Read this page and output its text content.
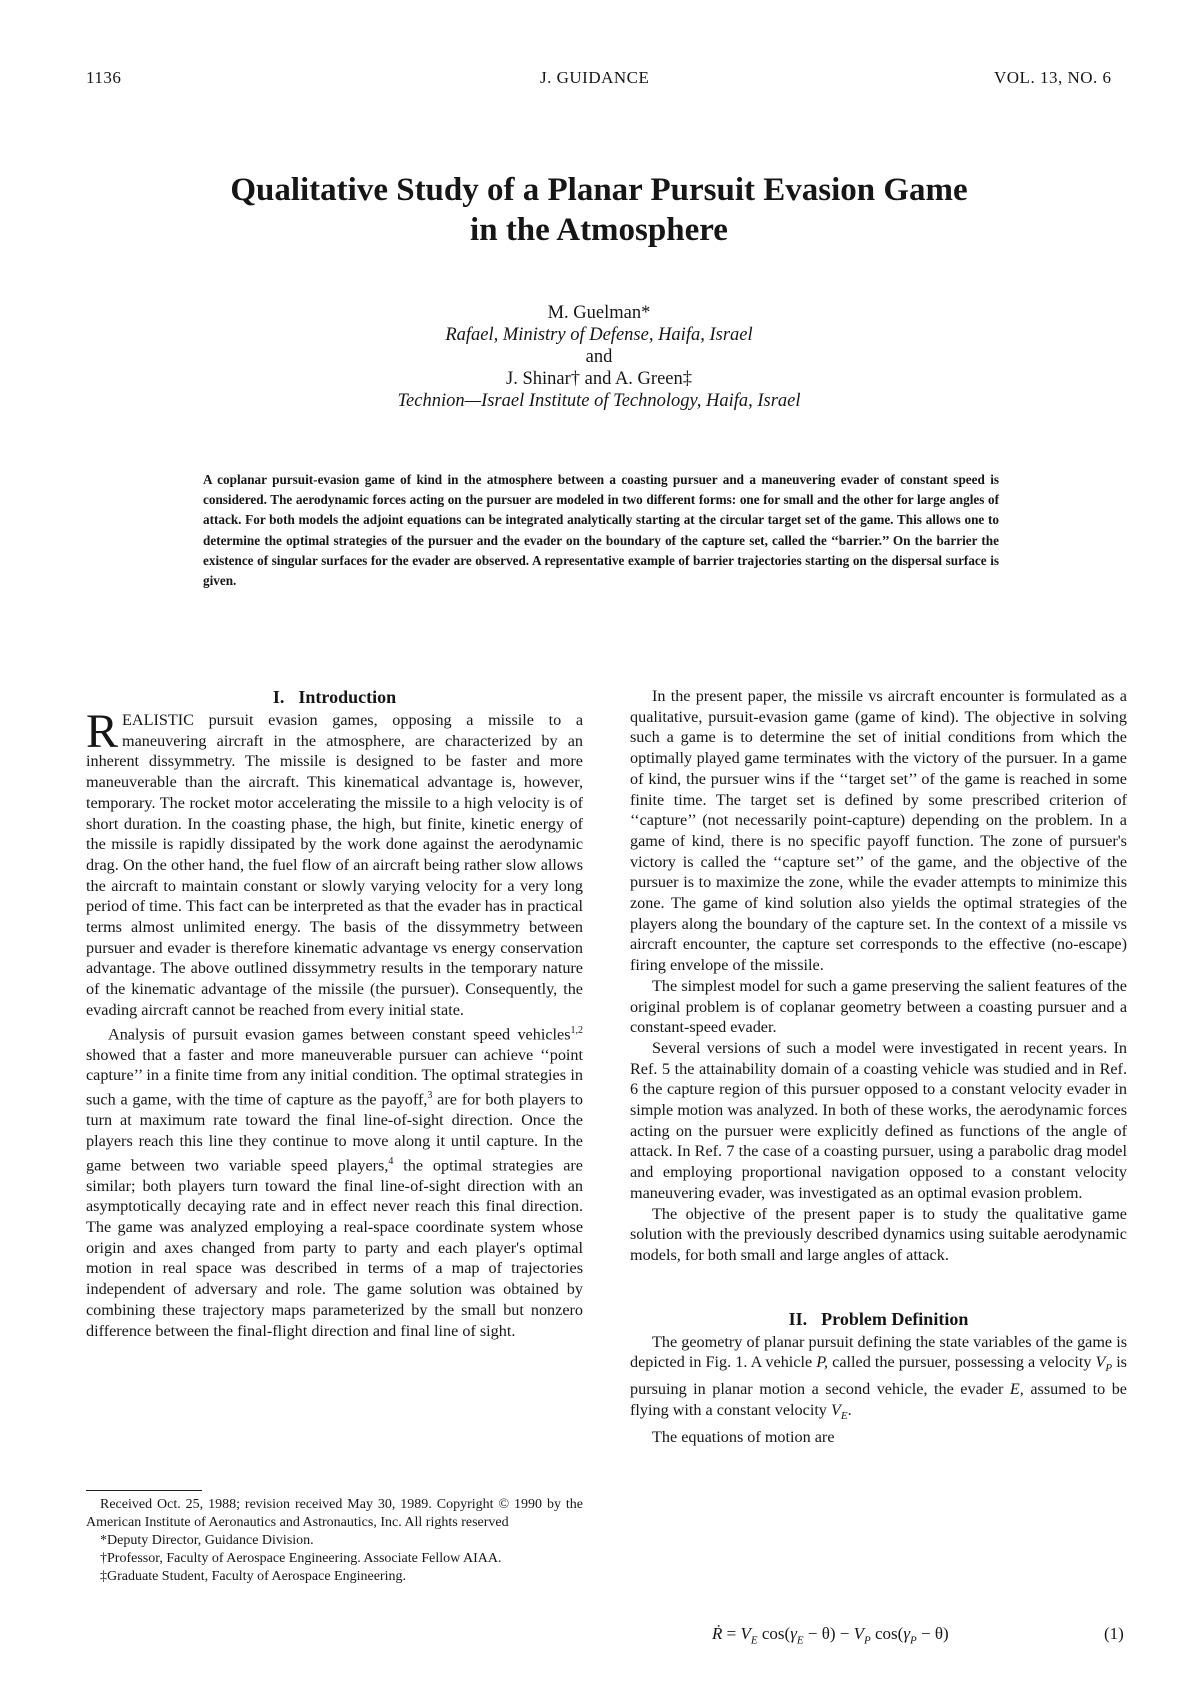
1136	J. GUIDANCE	VOL. 13, NO. 6
Qualitative Study of a Planar Pursuit Evasion Game
in the Atmosphere
M. Guelman*
Rafael, Ministry of Defense, Haifa, Israel
and
J. Shinar† and A. Green‡
Technion—Israel Institute of Technology, Haifa, Israel
A coplanar pursuit-evasion game of kind in the atmosphere between a coasting pursuer and a maneuvering evader of constant speed is considered. The aerodynamic forces acting on the pursuer are modeled in two different forms: one for small and the other for large angles of attack. For both models the adjoint equations can be integrated analytically starting at the circular target set of the game. This allows one to determine the optimal strategies of the pursuer and the evader on the boundary of the capture set, called the ‘‘barrier.’’ On the barrier the existence of singular surfaces for the evader are observed. A representative example of barrier trajectories starting on the dispersal surface is given.
I. Introduction

REALISTIC pursuit evasion games, opposing a missile to a maneuvering aircraft in the atmosphere, are characterized by an inherent dissymmetry. The missile is designed to be faster and more maneuverable than the aircraft. This kinematical advantage is, however, temporary. The rocket motor accelerating the missile to a high velocity is of short duration. In the coasting phase, the high, but finite, kinetic energy of the missile is rapidly dissipated by the work done against the aerodynamic drag. On the other hand, the fuel flow of an aircraft being rather slow allows the aircraft to maintain constant or slowly varying velocity for a very long period of time. This fact can be interpreted as that the evader has in practical terms almost unlimited energy. The basis of the dissymmetry between pursuer and evader is therefore kinematic advantage vs energy conservation advantage. The above outlined dissymmetry results in the temporary nature of the kinematic advantage of the missile (the pursuer). Consequently, the evading aircraft cannot be reached from every initial state.

Analysis of pursuit evasion games between constant speed vehicles$^{1,2}$ showed that a faster and more maneuverable pursuer can achieve ‘‘point capture’’ in a finite time from any initial condition. The optimal strategies in such a game, with the time of capture as the payoff,$^3$ are for both players to turn at maximum rate toward the final line-of-sight direction. Once the players reach this line they continue to move along it until capture. In the game between two variable speed players,$^4$ the optimal strategies are similar; both players turn toward the final line-of-sight direction with an asymptotically decaying rate and in effect never reach this final direction. The game was analyzed employing a real-space coordinate system whose origin and axes changed from party to party and each player's optimal motion in real space was described in terms of a map of trajectories independent of adversary and role. The game solution was obtained by combining these trajectory maps parameterized by the small but nonzero difference between the final-flight direction and final line of sight.

Received Oct. 25, 1988; revision received May 30, 1989. Copyright © 1990 by the American Institute of Aeronautics and Astronautics, Inc. All rights reserved

*Deputy Director, Guidance Division.

†Professor, Faculty of Aerospace Engineering. Associate Fellow AIAA.

‡Graduate Student, Faculty of Aerospace Engineering.

In the present paper, the missile vs aircraft encounter is formulated as a qualitative, pursuit-evasion game (game of kind). The objective in solving such a game is to determine the set of initial conditions from which the optimally played game terminates with the victory of the pursuer. In a game of kind, the pursuer wins if the ‘‘target set’’ of the game is reached in some finite time. The target set is defined by some prescribed criterion of ‘‘capture’’ (not necessarily point-capture) depending on the problem. In a game of kind, there is no specific payoff function. The zone of pursuer's victory is called the ‘‘capture set’’ of the game, and the objective of the pursuer is to maximize the zone, while the evader attempts to minimize this zone. The game of kind solution also yields the optimal strategies of the players along the boundary of the capture set. In the context of a missile vs aircraft encounter, the capture set corresponds to the effective (no-escape) firing envelope of the missile.

The simplest model for such a game preserving the salient features of the original problem is of coplanar geometry between a coasting pursuer and a constant-speed evader.

Several versions of such a model were investigated in recent years. In Ref. 5 the attainability domain of a coasting vehicle was studied and in Ref. 6 the capture region of this pursuer opposed to a constant velocity evader in simple motion was analyzed. In both of these works, the aerodynamic forces acting on the pursuer were explicitly defined as functions of the angle of attack. In Ref. 7 the case of a coasting pursuer, using a parabolic drag model and employing proportional navigation opposed to a constant velocity maneuvering evader, was investigated as an optimal evasion problem.

The objective of the present paper is to study the qualitative game solution with the previously described dynamics using suitable aerodynamic models, for both small and large angles of attack.

II. Problem Definition

The geometry of planar pursuit defining the state variables of the game is depicted in Fig. 1. A vehicle P, called the pursuer, possessing a velocity $V_P$ is pursuing in planar motion a second vehicle, the evader E, assumed to be flying with a constant velocity $V_E$.

The equations of motion are

Ṙ = $V_E$ $\cos(\gamma_E - \theta) - V_P$ $\cos(\gamma_P - \theta)$	(1)
